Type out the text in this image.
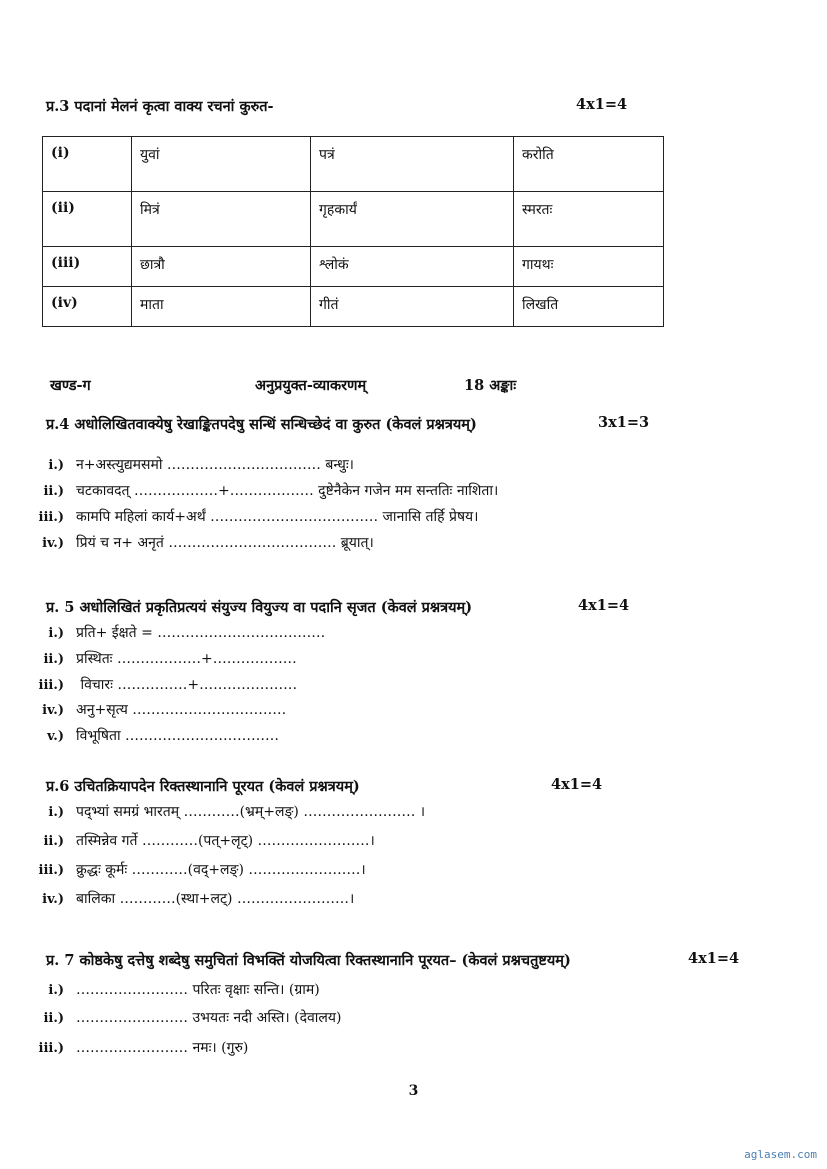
प्र.3 पदानां मेलनं कृत्वा वाक्य रचनां कुरुत-	4x1=4
(i)	युवां	पत्रं	करोति
(ii)	मित्रं	गृहकार्यं	स्मरतः
(iii)	छात्रौ	श्लोकं	गायथः
(iv)	माता	गीतं	लिखति
खण्ड-ग	अनुप्रयुक्त-व्याकरणम्	18 अङ्काः
प्र.4 अधोलिखितवाक्येषु रेखाङ्कितपदेषु सन्धिं सन्धिच्छेदं वा कुरुत (केवलं प्रश्नत्रयम्)	3x1=3
i.) न+अस्त्युद्यमसमो …………………………… बन्धुः।
ii.) चटकावदत् ………………+……………… दुष्टेनैकेन गजेन मम सन्ततिः नाशिता।
iii.) कामपि महिलां कार्य+अर्थं ……………………………… जानासि तर्हि प्रेषय।
iv.) प्रियं च न+ अनृतं ……………………………… ब्रूयात्।
प्र. 5 अधोलिखितं प्रकृतिप्रत्ययं संयुज्य वियुज्य वा पदानि सृजत (केवलं प्रश्नत्रयम्)	4x1=4
i.) प्रति+ ईक्षते = ………………………………
ii.) प्रस्थितः ………………+………………
iii.) विचारः ……………+…………………
iv.) अनु+सृत्य ……………………………
v.) विभूषिता ……………………………
प्र.6 उचितक्रियापदेन रिक्तस्थानानि पूरयत (केवलं प्रश्नत्रयम्)	4x1=4
i.) पद्भ्यां समग्रं भारतम् …………(भ्रम्+लङ्) …………………… ।
ii.) तस्मिन्नेव गर्ते …………(पत्+लृट्) ……………………।
iii.) क्रुद्धः कूर्मः …………(वद्+लङ्) ……………………।
iv.) बालिका …………(स्था+लट्) ……………………।
प्र. 7 कोष्ठकेषु दत्तेषु शब्देषु समुचितां विभक्तिं योजयित्वा रिक्तस्थानानि पूरयत– (केवलं प्रश्नचतुष्टयम्)	4x1=4
i.) …………………… परितः वृक्षाः सन्ति। (ग्राम)
ii.) …………………… उभयतः नदी अस्ति। (देवालय)
iii.) …………………… नमः। (गुरु)
3
aglasem.com
